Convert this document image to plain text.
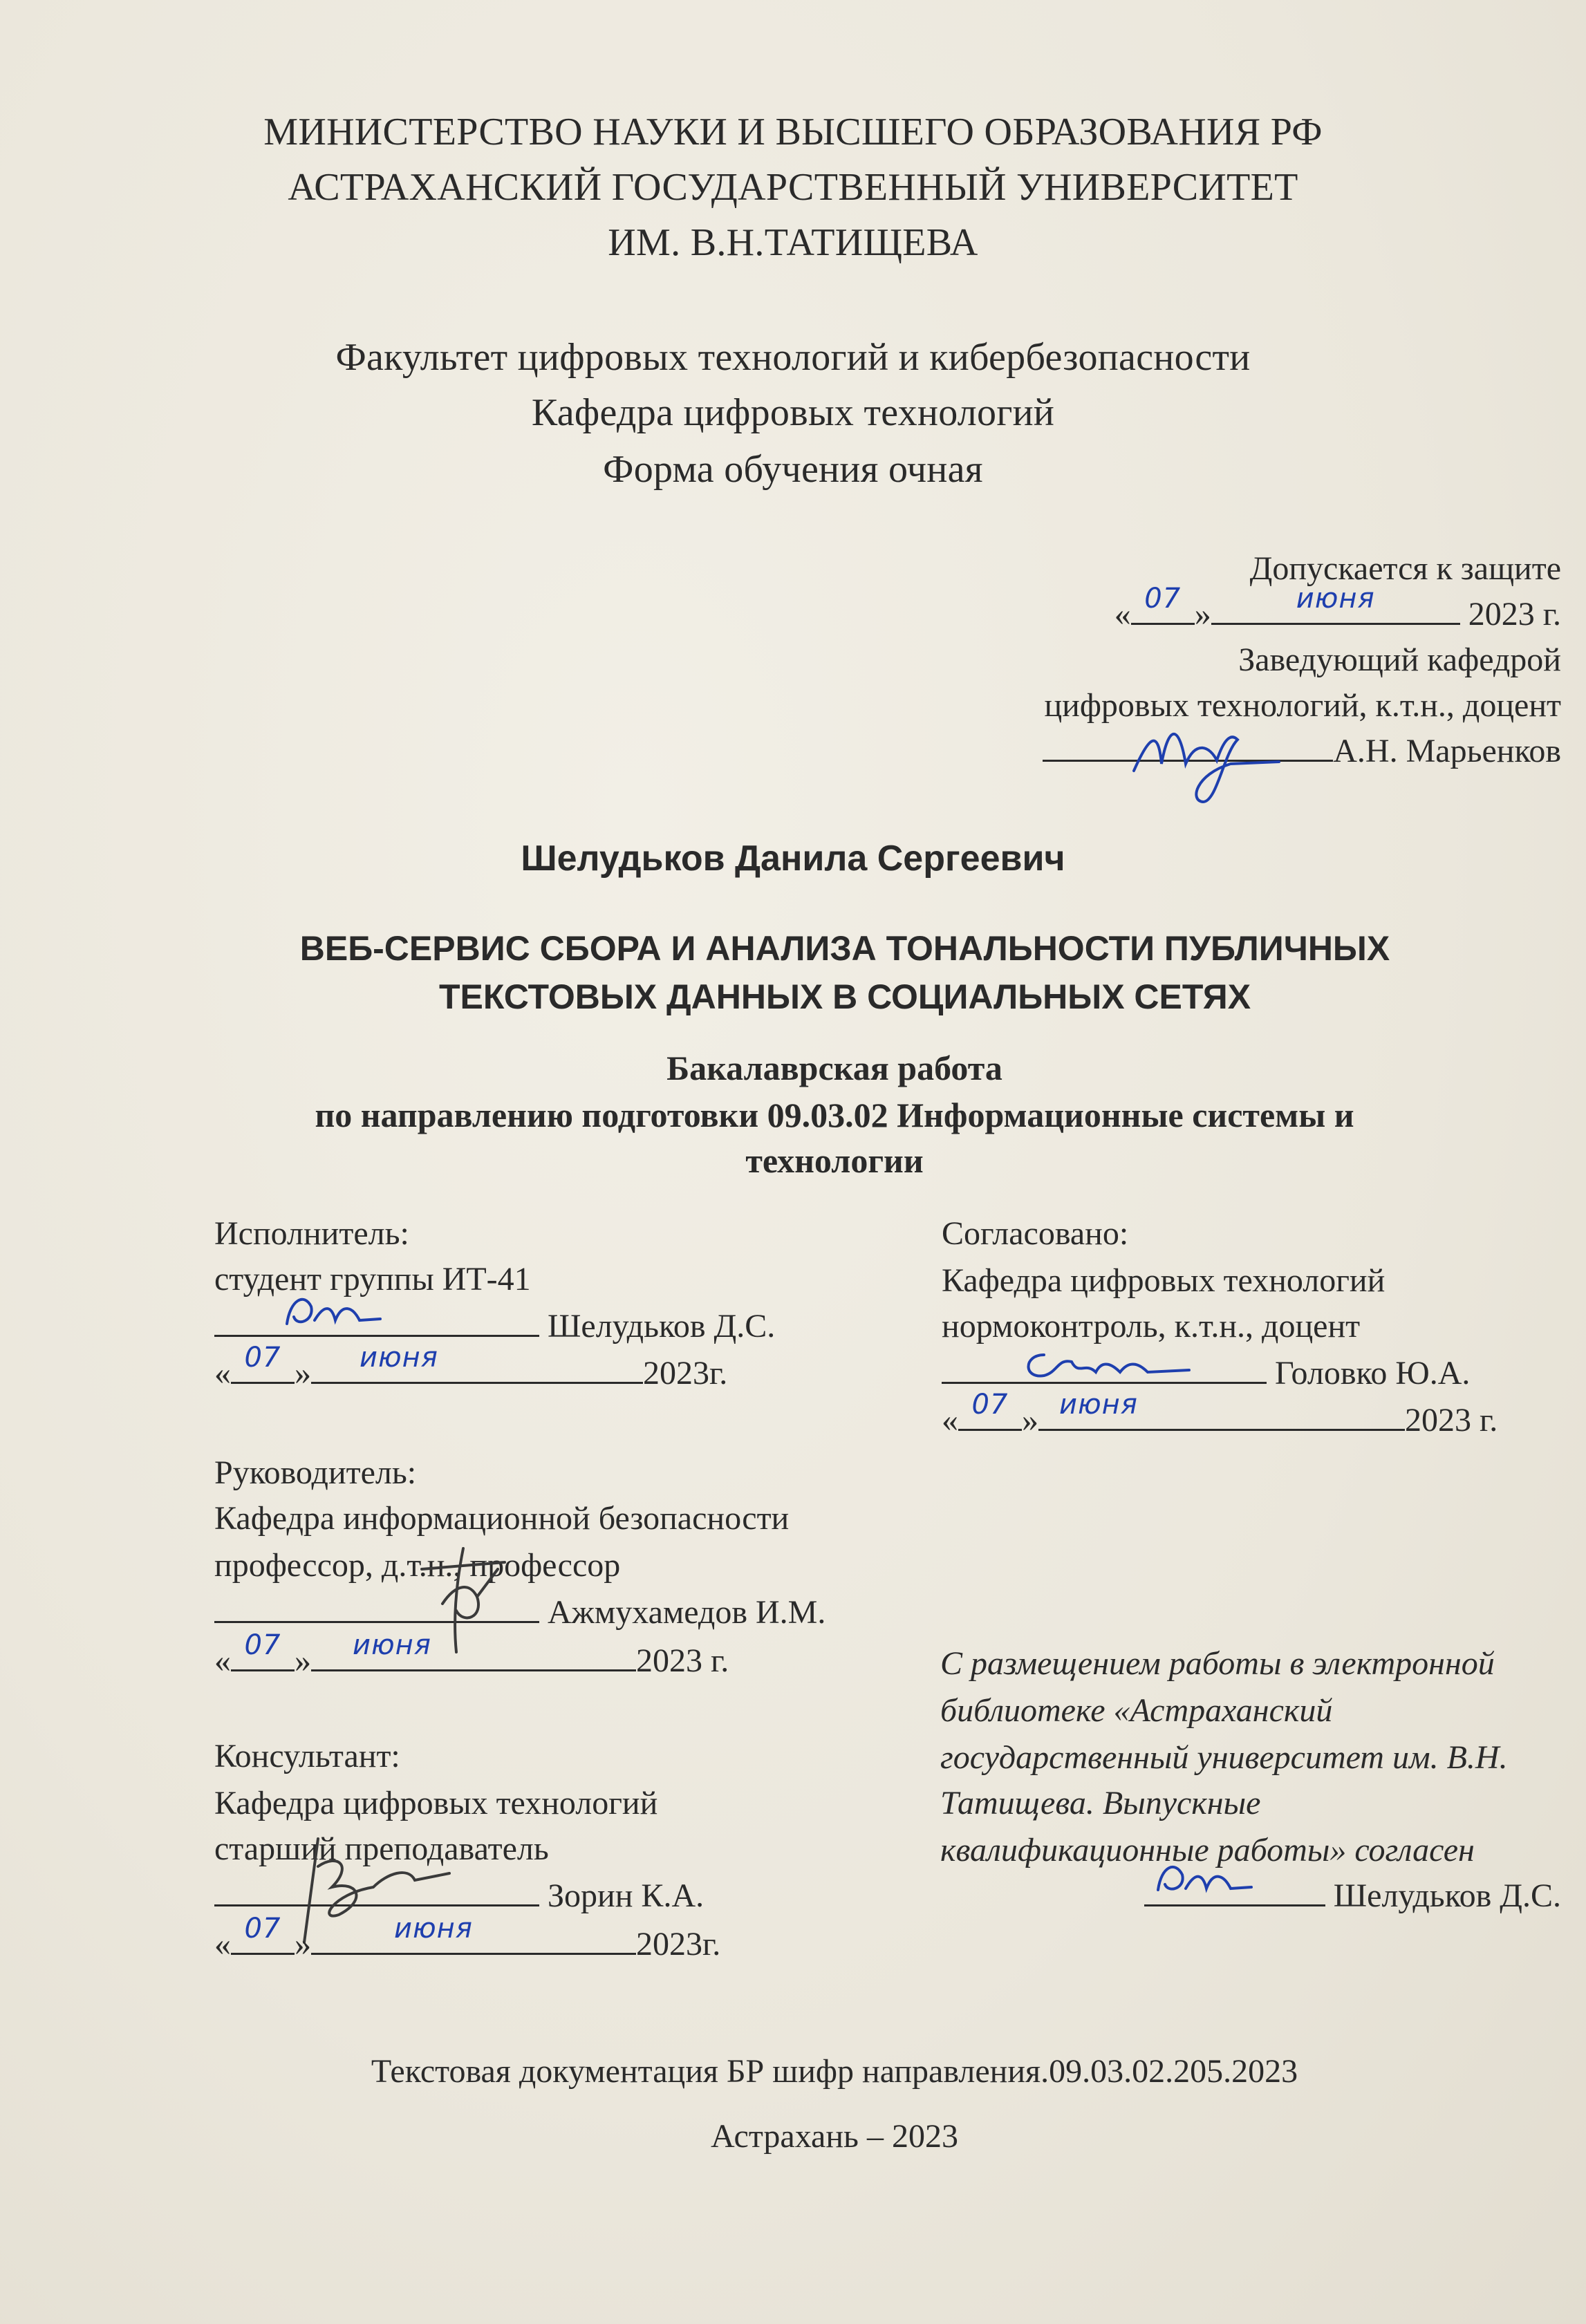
МИНИСТЕРСТВО НАУКИ И ВЫСШЕГО ОБРАЗОВАНИЯ РФ
АСТРАХАНСКИЙ ГОСУДАРСТВЕННЫЙ УНИВЕРСИТЕТ
ИМ. В.Н.ТАТИЩЕВА
Факультет цифровых технологий и кибербезопасности
Кафедра цифровых технологий
Форма обучения очная
Допускается к защите
« 07 »	июня	2023 г.
Заведующий кафедрой
цифровых технологий, к.т.н., доцент
А.Н. Марьенков
Шелудьков Данила Сергеевич
ВЕБ-СЕРВИС СБОРА И АНАЛИЗА ТОНАЛЬНОСТИ ПУБЛИЧНЫХ
ТЕКСТОВЫХ ДАННЫХ В СОЦИАЛЬНЫХ СЕТЯХ
Бакалаврская работа
по направлению подготовки 09.03.02 Информационные системы и
технологии
Исполнитель:
студент группы ИТ-41
Шелудьков Д.С.
« 07 »	июня	2023г.
Руководитель:
Кафедра информационной безопасности
профессор, д.т.н., профессор
Ажмухамедов И.М.
« 07 »	июня	2023 г.
Консультант:
Кафедра цифровых технологий
старший преподаватель
Зорин К.А.
« 07 »	июня	2023г.
Согласовано:
Кафедра цифровых технологий
нормоконтроль, к.т.н., доцент
Головко Ю.А.
« 07 » июня	2023 г.
С размещением работы в электронной
библиотеке «Астраханский
государственный университет им. В.Н.
Татищева. Выпускные
квалификационные работы» согласен
Шелудьков Д.С.
Текстовая документация БР шифр направления.09.03.02.205.2023
Астрахань – 2023
